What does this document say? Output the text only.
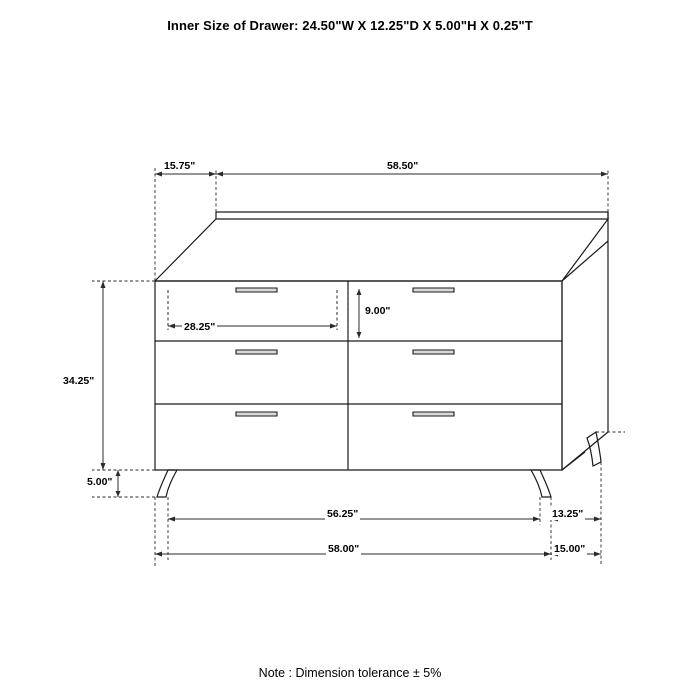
Inner Size of Drawer: 24.50"W X 12.25"D X 5.00"H X 0.25"T
15.75"	58.50"
34.25"
5.00"
28.25"
9.00"
56.25"
58.00"
13.25"
15.00"
Note : Dimension tolerance ± 5%
